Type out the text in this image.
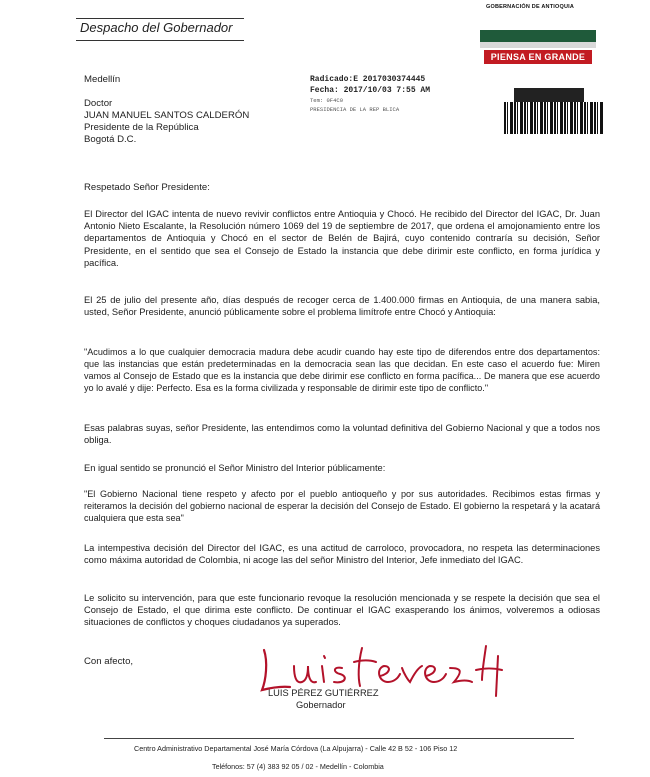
Despacho del Gobernador
GOBERNACIÓN DE ANTIOQUIA
PIENSA EN GRANDE
Radicado:E 2017030374445
Fecha: 2017/10/03 7:55 AM
Tem: 0F4C0
PRESIDENCIA DE LA REP BLICA
Medellín
Doctor
JUAN MANUEL SANTOS CALDERÓN
Presidente de la República
Bogotá D.C.
Respetado Señor Presidente:
El Director del IGAC intenta de nuevo revivir conflictos entre Antioquia y Chocó. He recibido del Director del IGAC, Dr. Juan Antonio Nieto Escalante, la Resolución número 1069 del 19 de septiembre de 2017, que ordena el amojonamiento entre los departamentos de Antioquia y Chocó en el sector de Belén de Bajirá, cuyo contenido contraría su decisión, Señor Presidente, en el sentido que sea el Consejo de Estado la instancia que debe dirimir este conflicto, en forma jurídica y pacífica.
El 25 de julio del presente año, días después de recoger cerca de 1.400.000 firmas en Antioquia, de una manera sabia, usted, Señor Presidente, anunció públicamente sobre el problema limítrofe entre Chocó y Antioquia:
"Acudimos a lo que cualquier democracia madura debe acudir cuando hay este tipo de diferendos entre dos departamentos: que las instancias que están predeterminadas en la democracia sean las que decidan. En este caso el acuerdo fue: Miren vamos al Consejo de Estado que es la instancia que debe dirimir ese conflicto en forma pacífica... De manera que ese acuerdo yo lo avalé y dije: Perfecto. Esa es la forma civilizada y responsable de dirimir este tipo de conflicto."
Esas palabras suyas, señor Presidente, las entendimos como la voluntad definitiva del Gobierno Nacional y que a todos nos obliga.
En igual sentido se pronunció el Señor Ministro del Interior públicamente:
"El Gobierno Nacional tiene respeto y afecto por el pueblo antioqueño y por sus autoridades. Recibimos estas firmas y reiteramos la decisión del gobierno nacional de esperar la decisión del Consejo de Estado. El gobierno la respetará y la acatará cualquiera que esta sea"
La intempestiva decisión del Director del IGAC, es una actitud de carroloco, provocadora, no respeta las determinaciones como máxima autoridad de Colombia, ni acoge las del señor Ministro del Interior, Jefe inmediato del IGAC.
Le solicito su intervención, para que este funcionario revoque la resolución mencionada y se respete la decisión que sea el Consejo de Estado, el que dirima este conflicto. De continuar el IGAC exasperando los ánimos, volveremos a odiosas situaciones de conflictos y choques ciudadanos ya superados.
Con afecto,
LUIS PÉREZ GUTIÉRREZ
Gobernador
Centro Administrativo Departamental José María Córdova (La Alpujarra) - Calle 42 B 52 - 106 Piso 12
Teléfonos: 57 (4) 383 92 05 / 02 - Medellín - Colombia
